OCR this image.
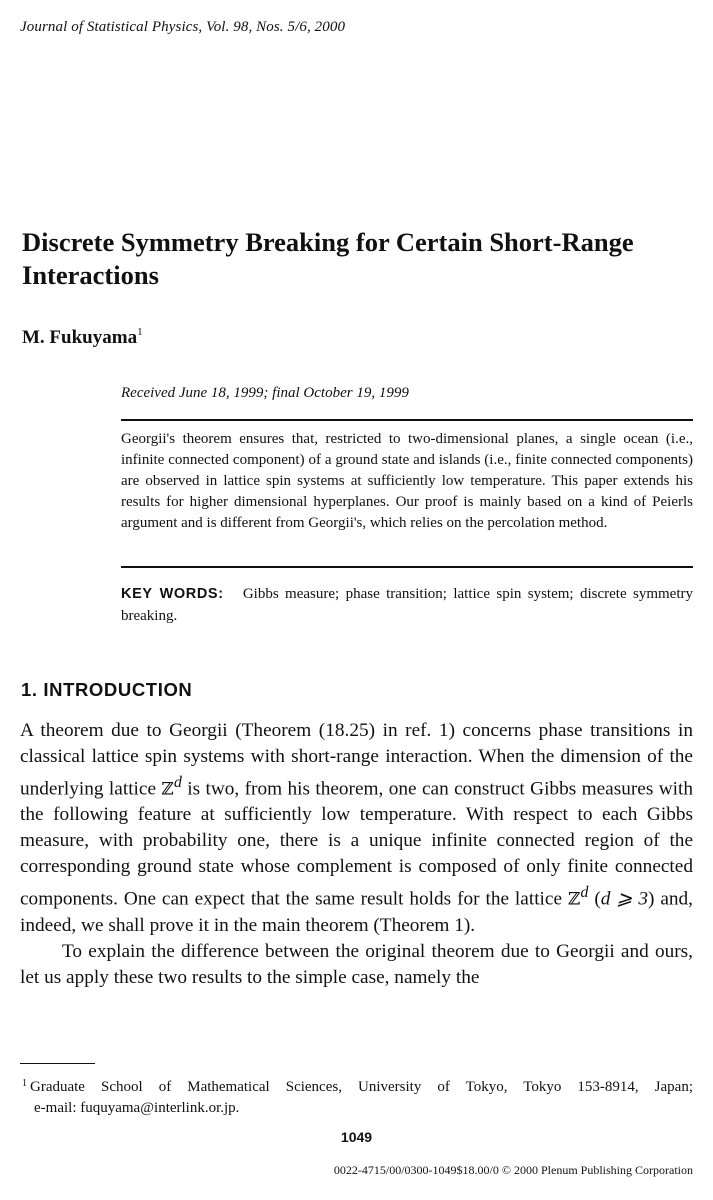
Journal of Statistical Physics, Vol. 98, Nos. 5/6, 2000
Discrete Symmetry Breaking for Certain Short-Range Interactions
M. Fukuyama$^1$
Received June 18, 1999; final October 19, 1999
Georgii's theorem ensures that, restricted to two-dimensional planes, a single ocean (i.e., infinite connected component) of a ground state and islands (i.e., finite connected components) are observed in lattice spin systems at sufficiently low temperature. This paper extends his results for higher dimensional hyperplanes. Our proof is mainly based on a kind of Peierls argument and is different from Georgii's, which relies on the percolation method.
KEY WORDS: Gibbs measure; phase transition; lattice spin system; discrete symmetry breaking.
1. INTRODUCTION

A theorem due to Georgii (Theorem (18.25) in ref. 1) concerns phase transitions in classical lattice spin systems with short-range interaction. When the dimension of the underlying lattice ℤ$^d$ is two, from his theorem, one can construct Gibbs measures with the following feature at sufficiently low temperature. With respect to each Gibbs measure, with probability one, there is a unique infinite connected region of the corresponding ground state whose complement is composed of only finite connected components. One can expect that the same result holds for the lattice ℤ$^d$ (d ⩾ 3) and, indeed, we shall prove it in the main theorem (Theorem 1).

To explain the difference between the original theorem due to Georgii and ours, let us apply these two results to the simple case, namely the

$^1$ Graduate School of Mathematical Sciences, University of Tokyo, Tokyo 153-8914, Japan;
e-mail: fuquyama@interlink.or.jp.
1049
0022-4715/00/0300-1049$18.00/0 © 2000 Plenum Publishing Corporation
